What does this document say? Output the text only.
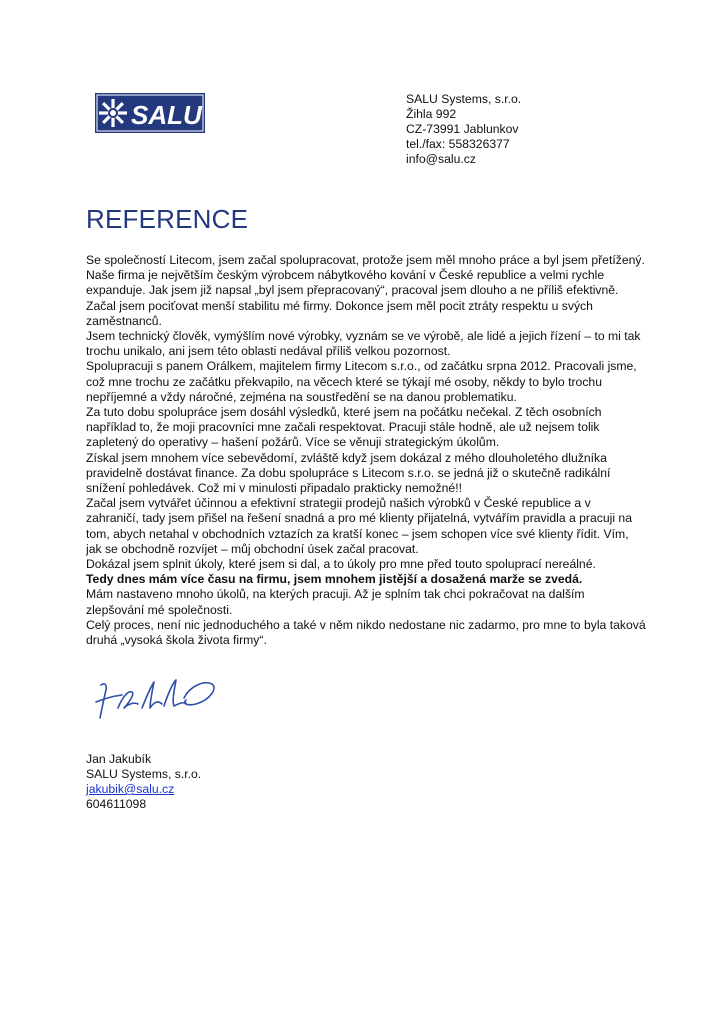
SALU
SALU Systems, s.r.o.
Žihla 992
CZ-73991 Jablunkov
tel./fax: 558326377
info@salu.cz
REFERENCE

Se společností Litecom, jsem začal spolupracovat, protože jsem měl mnoho práce a byl jsem přetížený.

Naše firma je největším českým výrobcem nábytkového kování v České republice a velmi rychle expanduje. Jak jsem již napsal „byl jsem přepracovaný“, pracoval jsem dlouho a ne příliš efektivně.

Začal jsem pociťovat menší stabilitu mé firmy. Dokonce jsem měl pocit ztráty respektu u svých zaměstnanců.

Jsem technický člověk, vymýšlím nové výrobky, vyznám se ve výrobě, ale lidé a jejich řízení – to mi tak trochu unikalo, ani jsem této oblasti nedával příliš velkou pozornost.

Spolupracuji s panem Orálkem, majitelem firmy Litecom s.r.o., od začátku srpna 2012. Pracovali jsme, což mne trochu ze začátku překvapilo, na věcech které se týkají mé osoby, někdy to bylo trochu nepříjemné a vždy náročné, zejména na soustředění se na danou problematiku.

Za tuto dobu spolupráce jsem dosáhl výsledků, které jsem na počátku nečekal. Z těch osobních například to, že moji pracovníci mne začali respektovat. Pracuji stále hodně, ale už nejsem tolik zapletený do operativy – hašení požárů. Více se věnuji strategickým úkolům.

Získal jsem mnohem více sebevědomí, zvláště když jsem dokázal z mého dlouholetého dlužníka pravidelně dostávat finance. Za dobu spolupráce s Litecom s.r.o. se jedná již o skutečně radikální snížení pohledávek. Což mi v minulosti připadalo prakticky nemožné!!

Začal jsem vytvářet účinnou a efektivní strategii prodejů našich výrobků v České republice a v zahraničí, tady jsem přišel na řešení snadná a pro mé klienty přijatelná, vytvářím pravidla a pracuji na tom, abych netahal v obchodních vztazích za kratší konec – jsem schopen více své klienty řídit. Vím, jak se obchodně rozvíjet – můj obchodní úsek začal pracovat.

Dokázal jsem splnit úkoly, které jsem si dal, a to úkoly pro mne před touto spoluprací nereálné.

Tedy dnes mám více času na firmu, jsem mnohem jistější a dosažená marže se zvedá.

Mám nastaveno mnoho úkolů, na kterých pracuji. Až je splním tak chci pokračovat na dalším zlepšování mé společnosti.

Celý proces, není nic jednoduchého a také v něm nikdo nedostane nic zadarmo, pro mne to byla taková druhá „vysoká škola života firmy“.

Jan Jakubík
SALU Systems, s.r.o.
jakubik@salu.cz
604611098
